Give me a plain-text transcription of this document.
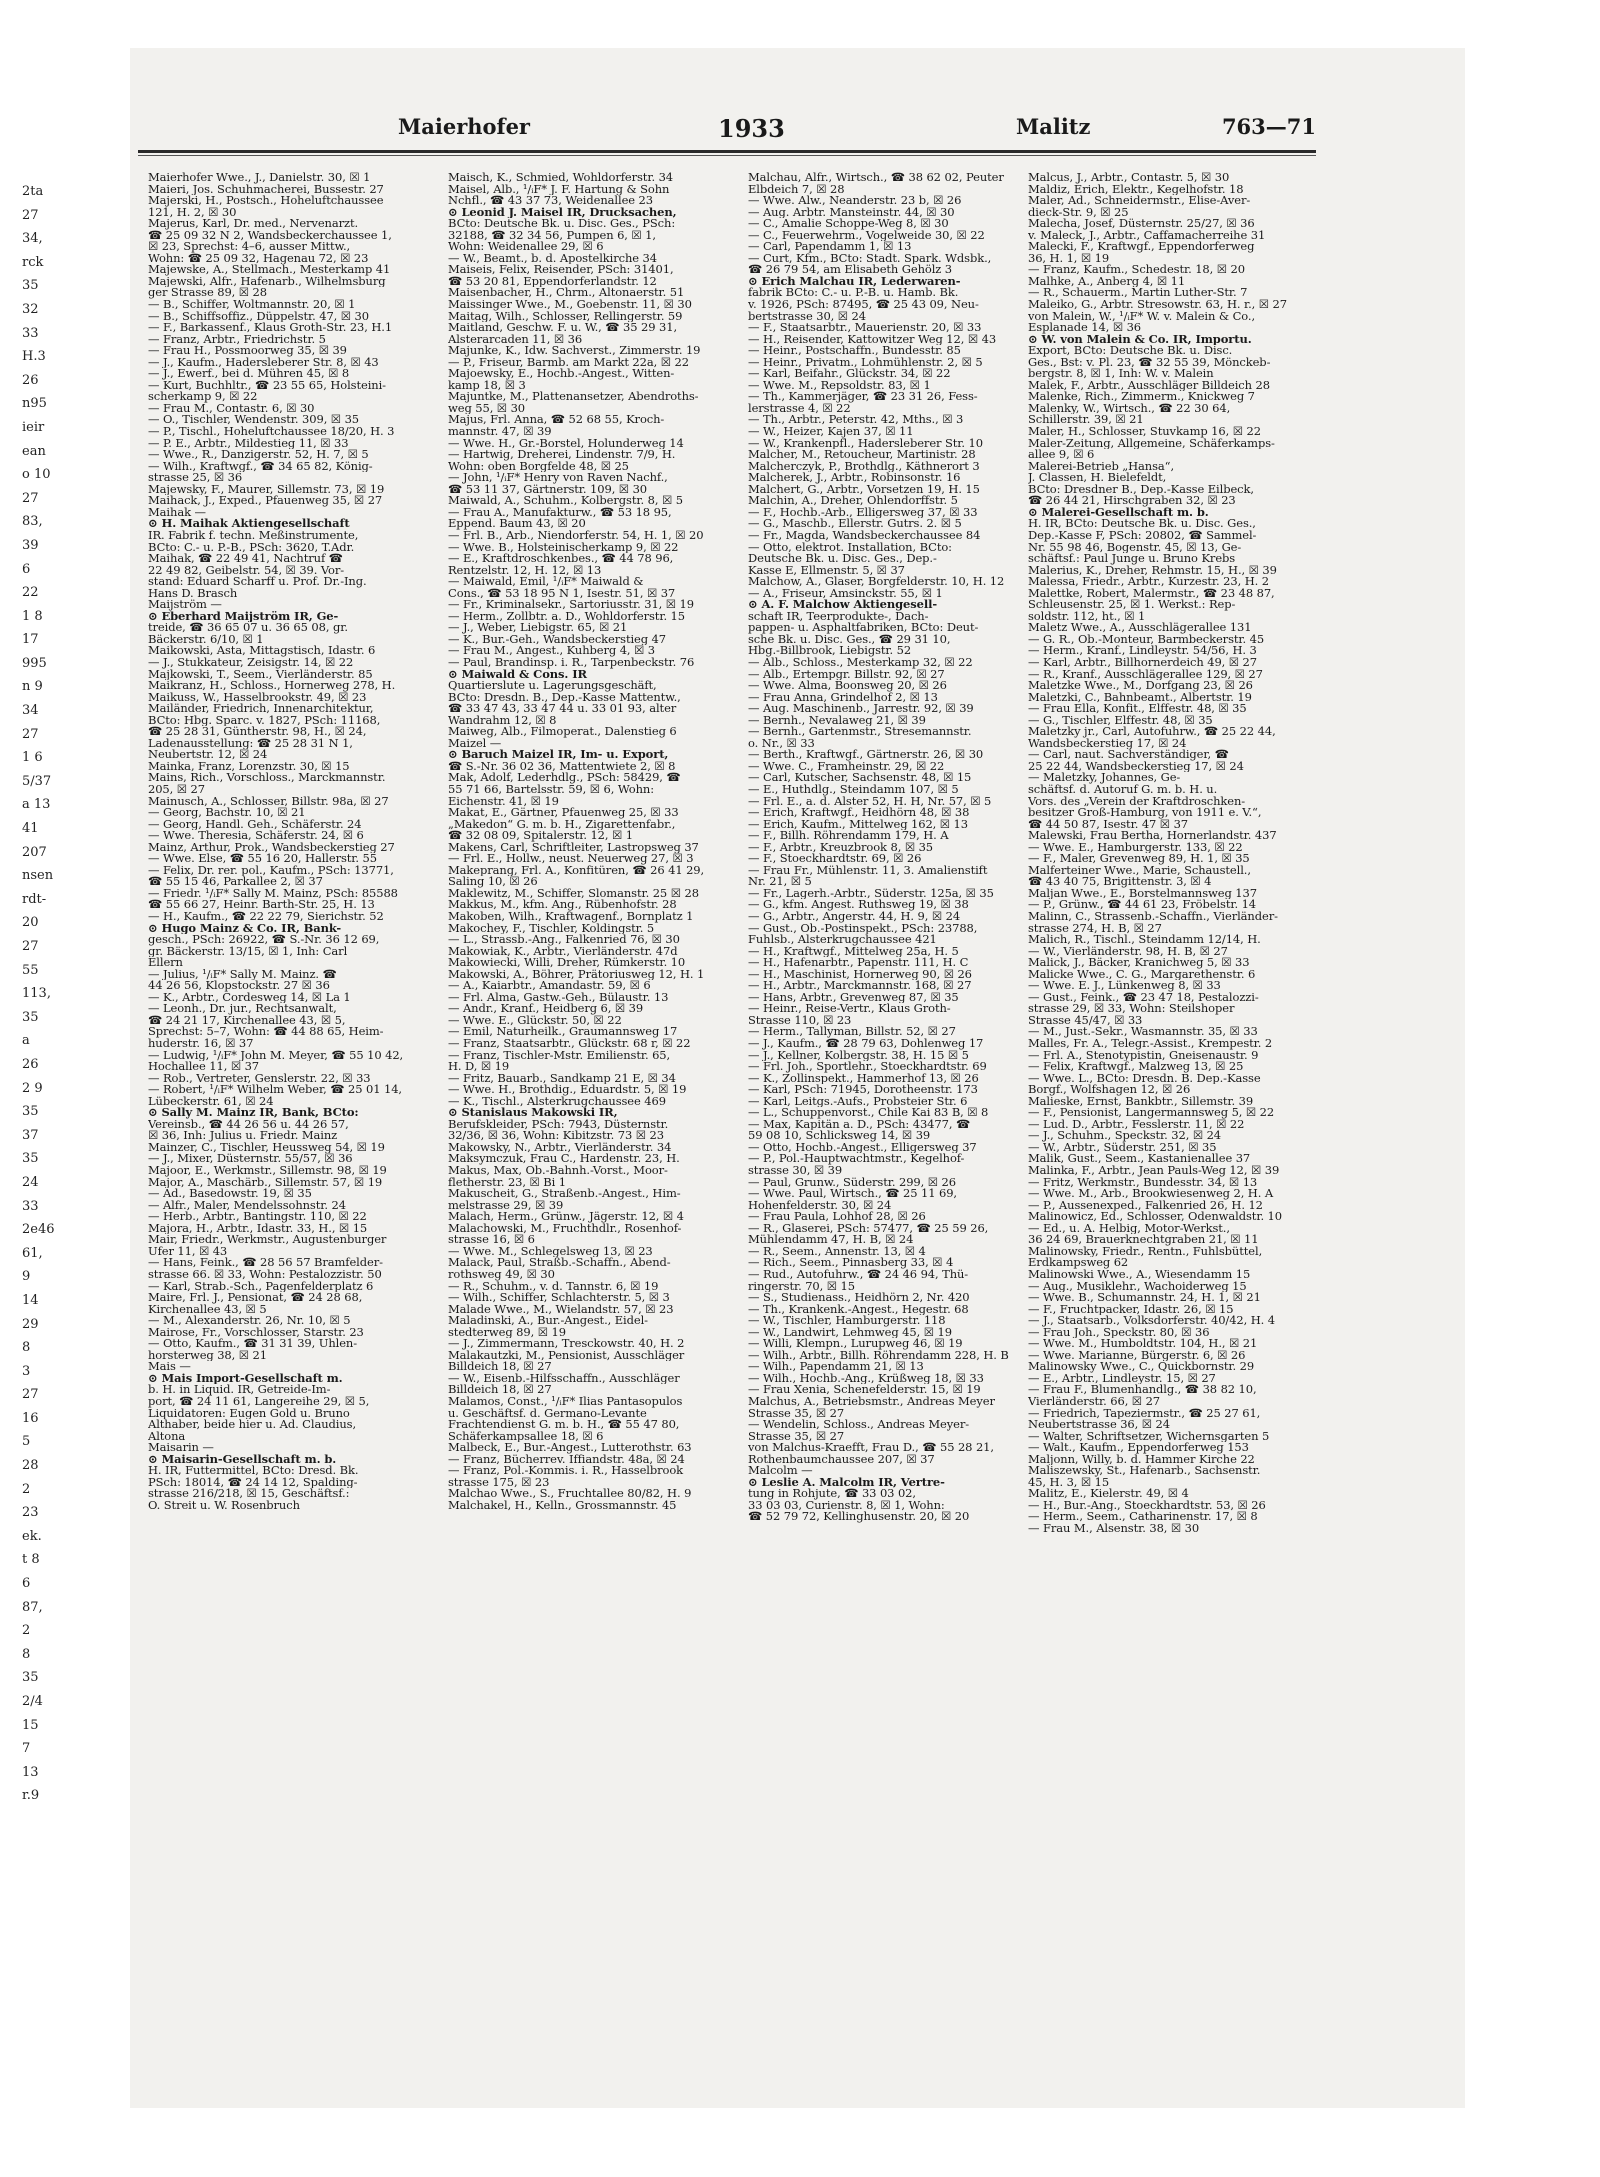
2ta
27
34,
rck
35
32
33
H.3
26
n95
ieir
ean
o 10
27
83,
39
6
22
1 8
17
995
n 9
34
27
1 6
5/37
a 13
41
207
nsen
rdt-
20
27
55
113,
35
a
26
2 9
35
37
35
24
33
2e46
61,
9
14
29
8
3
27
16
5
28
2
23
ek.
t 8
6
87,
2
8
35
2/4
15
7
13
r.9
Maierhofer	1933	Malitz	763—71
Maierhofer Wwe., J., Danielstr. 30, ☒ 1
Maieri, Jos. Schuhmacherei, Bussestr. 27
Majerski, H., Postsch., Hoheluftchaussee
121, H. 2, ☒ 30
Majerus, Karl, Dr. med., Nervenarzt.
☎ 25 09 32 N 2, Wandsbeckerchaussee 1,
☒ 23, Sprechst: 4–6, ausser Mittw.,
Wohn: ☎ 25 09 32, Hagenau 72, ☒ 23
Majewske, A., Stellmach., Mesterkamp 41
Majewski, Alfr., Hafenarb., Wilhelmsburg
ger Strasse 89, ☒ 28
— B., Schiffer, Woltmannstr. 20, ☒ 1
— B., Schiffsoffiz., Düppelstr. 47, ☒ 30
— F., Barkassenf., Klaus Groth-Str. 23, H.1
— Franz, Arbtr., Friedrichstr. 5
— Frau H., Possmoorweg 35, ☒ 39
— J., Kaufm., Hadersleberer Str. 8, ☒ 43
— J., Ewerf., bei d. Mühren 45, ☒ 8
— Kurt, Buchhltr., ☎ 23 55 65, Holsteini-
scherkamp 9, ☒ 22
— Frau M., Contastr. 6, ☒ 30
— O., Tischler, Wendenstr. 309, ☒ 35
— P., Tischl., Hoheluftchaussee 18/20, H. 3
— P. E., Arbtr., Mildestieg 11, ☒ 33
— Wwe., R., Danzigerstr. 52, H. 7, ☒ 5
— Wilh., Kraftwgf., ☎ 34 65 82, König-
strasse 25, ☒ 36
Majewsky, F., Maurer, Sillemstr. 73, ☒ 19
Maihack, J., Exped., Pfauenweg 35, ☒ 27
Maihak —
⊙ H. Maihak Aktiengesellschaft
IR. Fabrik f. techn. Meßinstrumente,
BCto: C.- u. P.-B., PSch: 3620, T.Adr.
Maihak, ☎ 22 49 41, Nachtruf ☎
22 49 82, Geibelstr. 54, ☒ 39. Vor-
stand: Eduard Scharff u. Prof. Dr.-Ing.
Hans D. Brasch
Maijström —
⊙ Eberhard Maijström IR, Ge-
treide, ☎ 36 65 07 u. 36 65 08, gr.
Bäckerstr. 6/10, ☒ 1
Maikowski, Asta, Mittagstisch, Idastr. 6
— J., Stukkateur, Zeisigstr. 14, ☒ 22
Majkowski, T., Seem., Vierländerstr. 85
Maikranz, H., Schloss., Hornerweg 278, H.
Maikuss, W., Hasselbrookstr. 49, ☒ 23
Mailänder, Friedrich, Innenarchitektur,
BCto: Hbg. Sparc. v. 1827, PSch: 11168,
☎ 25 28 31, Güntherstr. 98, H., ☒ 24,
Ladenausstellung: ☎ 25 28 31 N 1,
Neubertstr. 12, ☒ 24
Mainka, Franz, Lorenzstr. 30, ☒ 15
Mains, Rich., Vorschloss., Marckmannstr.
205, ☒ 27
Mainusch, A., Schlosser, Billstr. 98a, ☒ 27
— Georg, Bachstr. 10, ☒ 21
— Georg, Handl. Geh., Schäferstr. 24
— Wwe. Theresia, Schäferstr. 24, ☒ 6
Mainz, Arthur, Prok., Wandsbeckerstieg 27
— Wwe. Else, ☎ 55 16 20, Hallerstr. 55
— Felix, Dr. rer. pol., Kaufm., PSch: 13771,
☎ 55 15 46, Parkallee 2, ☒ 37
— Friedr. ¹/ᵢF* Sally M. Mainz, PSch: 85588
☎ 55 66 27, Heinr. Barth-Str. 25, H. 13
— H., Kaufm., ☎ 22 22 79, Sierichstr. 52
⊙ Hugo Mainz & Co. IR, Bank-
gesch., PSch: 26922, ☎ S.-Nr. 36 12 69,
gr. Bäckerstr. 13/15, ☒ 1, Inh: Carl
Ellern
— Julius, ¹/ᵢF* Sally M. Mainz. ☎
44 26 56, Klopstockstr. 27 ☒ 36
— K., Arbtr., Cordesweg 14, ☒ La 1
— Leonh., Dr. jur., Rechtsanwalt,
☎ 24 21 17, Kirchenallee 43, ☒ 5,
Sprechst: 5–7, Wohn: ☎ 44 88 65, Heim-
huderstr. 16, ☒ 37
— Ludwig, ¹/ᵢF* John M. Meyer, ☎ 55 10 42,
Hochallee 11, ☒ 37
— Rob., Vertreter, Genslerstr. 22, ☒ 33
— Robert, ¹/ᵢF* Wilhelm Weber, ☎ 25 01 14,
Lübeckerstr. 61, ☒ 24
⊙ Sally M. Mainz IR, Bank, BCto:
Vereinsb., ☎ 44 26 56 u. 44 26 57,
☒ 36, Inh: Julius u. Friedr. Mainz
Mainzer, C., Tischler, Heussweg 54, ☒ 19
— J., Mixer, Düsternstr. 55/57, ☒ 36
Majoor, E., Werkmstr., Sillemstr. 98, ☒ 19
Major, A., Maschärb., Sillemstr. 57, ☒ 19
— Ad., Basedowstr. 19, ☒ 35
— Alfr., Maler, Mendelssohnstr. 24
— Herb., Arbtr., Bantingstr. 110, ☒ 22
Majora, H., Arbtr., Idastr. 33, H., ☒ 15
Mair, Friedr., Werkmstr., Augustenburger
Ufer 11, ☒ 43
— Hans, Feink., ☎ 28 56 57 Bramfelder-
strasse 66. ☒ 33, Wohn: Pestalozzistr. 50
— Karl, Strab.-Sch., Pagenfelderplatz 6
Maire, Frl. J., Pensionat, ☎ 24 28 68,
Kirchenallee 43, ☒ 5
— M., Alexanderstr. 26, Nr. 10, ☒ 5
Mairose, Fr., Vorschlosser, Starstr. 23
— Otto, Kaufm., ☎ 31 31 39, Uhlen-
horsterweg 38, ☒ 21
Mais —
⊙ Mais Import-Gesellschaft m.
b. H. in Liquid. IR, Getreide-Im-
port, ☎ 24 11 61, Langereihe 29, ☒ 5,
Liquidatoren: Eugen Gold u. Bruno
Althaber, beide hier u. Ad. Claudius,
Altona
Maisarin —
⊙ Maisarin-Gesellschaft m. b.
H. IR, Futtermittel, BCto: Dresd. Bk.
PSch: 18014, ☎ 24 14 12, Spalding-
strasse 216/218, ☒ 15, Geschäftsf.:
O. Streit u. W. Rosenbruch
Maisch, K., Schmied, Wohldorferstr. 34
Maisel, Alb., ¹/ᵢF* J. F. Hartung & Sohn
Nchfl., ☎ 43 37 73, Weidenallee 23
⊙ Leonid J. Maisel IR, Drucksachen,
BCto: Deutsche Bk. u. Disc. Ges., PSch:
32188, ☎ 32 34 56, Pumpen 6, ☒ 1,
Wohn: Weidenallee 29, ☒ 6
— W., Beamt., b. d. Apostelkirche 34
Maiseis, Felix, Reisender, PSch: 31401,
☎ 53 20 81, Eppendorferlandstr. 12
Maisenbacher, H., Chrm., Altonaerstr. 51
Maissinger Wwe., M., Goebenstr. 11, ☒ 30
Maitag, Wilh., Schlosser, Rellingerstr. 59
Maitland, Geschw. F. u. W., ☎ 35 29 31,
Alsterarcaden 11, ☒ 36
Majunke, K., Idw. Sachverst., Zimmerstr. 19
— P., Friseur, Barmb. am Markt 22a, ☒ 22
Majoewsky, E., Hochb.-Angest., Witten-
kamp 18, ☒ 3
Majuntke, M., Plattenansetzer, Abendroths-
weg 55, ☒ 30
Majus, Frl. Anna, ☎ 52 68 55, Kroch-
mannstr. 47, ☒ 39
— Wwe. H., Gr.-Borstel, Holunderweg 14
— Hartwig, Dreherei, Lindenstr. 7/9, H.
Wohn: oben Borgfelde 48, ☒ 25
— John, ¹/ᵢF* Henry von Raven Nachf.,
☎ 53 11 37, Gärtnerstr. 109, ☒ 30
Maiwald, A., Schuhm., Kolbergstr. 8, ☒ 5
— Frau A., Manufakturw., ☎ 53 18 95,
Eppend. Baum 43, ☒ 20
— Frl. B., Arb., Niendorferstr. 54, H. 1, ☒ 20
— Wwe. B., Holsteinischerkamp 9, ☒ 22
— E., Kraftdroschkenbes., ☎ 44 78 96,
Rentzelstr. 12, H. 12, ☒ 13
— Maiwald, Emil, ¹/ᵢF* Maiwald &
Cons., ☎ 53 18 95 N 1, Isestr. 51, ☒ 37
— Fr., Kriminalsekr., Sartoriusstr. 31, ☒ 19
— Herm., Zollbtr. a. D., Wohldorferstr. 15
— J., Weber, Liebigstr. 65, ☒ 21
— K., Bur.-Geh., Wandsbeckerstieg 47
— Frau M., Angest., Kuhberg 4, ☒ 3
— Paul, Brandinsp. i. R., Tarpenbeckstr. 76
⊙ Maiwald & Cons. IR
Quartierslute u. Lagerungsgeschäft,
BCto: Dresdn. B., Dep.-Kasse Mattentw.,
☎ 33 47 43, 33 47 44 u. 33 01 93, alter
Wandrahm 12, ☒ 8
Maiweg, Alb., Filmoperat., Dalenstieg 6
Maizel —
⊙ Baruch Maizel IR, Im- u. Export,
☎ S.-Nr. 36 02 36, Mattentwiete 2, ☒ 8
Mak, Adolf, Lederhdlg., PSch: 58429, ☎
55 71 66, Bartelsstr. 59, ☒ 6, Wohn:
Eichenstr. 41, ☒ 19
Makat, E., Gärtner, Pfauenweg 25, ☒ 33
„Makedon“ G. m. b. H., Zigarettenfabr.,
☎ 32 08 09, Spitalerstr. 12, ☒ 1
Makens, Carl, Schriftleiter, Lastropsweg 37
— Frl. E., Hollw., neust. Neuerweg 27, ☒ 3
Makeprang, Frl. A., Konfitüren, ☎ 26 41 29,
Saling 10, ☒ 26
Maklewitz, M., Schiffer, Slomanstr. 25 ☒ 28
Makkus, M., kfm. Ang., Rübenhofstr. 28
Makoben, Wilh., Kraftwagenf., Bornplatz 1
Makochey, F., Tischler, Koldingstr. 5
— L., Strassb.-Ang., Falkenried 76, ☒ 30
Makowiak, K., Arbtr., Vierländerstr. 47d
Makowiecki, Willi, Dreher, Rümkerstr. 10
Makowski, A., Böhrer, Prätoriusweg 12, H. 1
— A., Kaiarbtr., Amandastr. 59, ☒ 6
— Frl. Alma, Gastw.-Geh., Bülaustr. 13
— Andr., Kranf., Heidberg 6, ☒ 39
— Wwe. E., Glückstr. 50, ☒ 22
— Emil, Naturheilk., Graumannsweg 17
— Franz, Staatsarbtr., Glückstr. 68 r, ☒ 22
— Franz, Tischler-Mstr. Emilienstr. 65,
H. D, ☒ 19
— Fritz, Bauarb., Sandkamp 21 E, ☒ 34
— Wwe. H., Brothdig., Eduardstr. 5, ☒ 19
— K., Tischl., Alsterkrugchaussee 469
⊙ Stanislaus Makowski IR,
Berufskleider, PSch: 7943, Düsternstr.
32/36, ☒ 36, Wohn: Kibitzstr. 73 ☒ 23
Makowsky, N., Arbtr., Vierländerstr. 34
Maksymczuk, Frau C., Hardenstr. 23, H.
Makus, Max, Ob.-Bahnh.-Vorst., Moor-
fletherstr. 23, ☒ Bi 1
Makuscheit, G., Straßenb.-Angest., Him-
melstrasse 29, ☒ 39
Malach, Herm., Grünw., Jägerstr. 12, ☒ 4
Malachowski, M., Fruchthdlr., Rosenhof-
strasse 16, ☒ 6
— Wwe. M., Schlegelsweg 13, ☒ 23
Malack, Paul, Straßb.-Schaffn., Abend-
rothsweg 49, ☒ 30
— R., Schuhm., v. d. Tannstr. 6, ☒ 19
— Wilh., Schiffer, Schlachterstr. 5, ☒ 3
Malade Wwe., M., Wielandstr. 57, ☒ 23
Maladinski, A., Bur.-Angest., Eidel-
stedterweg 89, ☒ 19
— J., Zimmermann, Tresckowstr. 40, H. 2
Malakautzki, M., Pensionist, Ausschläger
Billdeich 18, ☒ 27
— W., Eisenb.-Hilfsschaffn., Ausschläger
Billdeich 18, ☒ 27
Malamos, Const., ¹/ᵢF* Ilias Pantasopulos
u. Geschäftsf. d. Germano-Levante
Frachtendienst G. m. b. H., ☎ 55 47 80,
Schäferkampsallee 18, ☒ 6
Malbeck, E., Bur.-Angest., Lutterothstr. 63
— Franz, Bücherrev. Iffiandstr. 48a, ☒ 24
— Franz, Pol.-Kommis. i. R., Hasselbrook
strasse 175, ☒ 23
Malchao Wwe., S., Fruchtallee 80/82, H. 9
Malchakel, H., Kelln., Grossmannstr. 45
Malchau, Alfr., Wirtsch., ☎ 38 62 02, Peuter
Elbdeich 7, ☒ 28
— Wwe. Alw., Neanderstr. 23 b, ☒ 26
— Aug. Arbtr. Mansteinstr. 44, ☒ 30
— C., Amalie Schoppe-Weg 8, ☒ 30
— C., Feuerwehrm., Vogelweide 30, ☒ 22
— Carl, Papendamm 1, ☒ 13
— Curt, Kfm., BCto: Stadt. Spark. Wdsbk.,
☎ 26 79 54, am Elisabeth Gehölz 3
⊙ Erich Malchau IR, Lederwaren-
fabrik BCto: C.- u. P.-B. u. Hamb. Bk.
v. 1926, PSch: 87495, ☎ 25 43 09, Neu-
bertstrasse 30, ☒ 24
— F., Staatsarbtr., Mauerienstr. 20, ☒ 33
— H., Reisender, Kattowitzer Weg 12, ☒ 43
— Heinr., Postschaffn., Bundesstr. 85
— Heinr., Privatm., Lohmühlenstr. 2, ☒ 5
— Karl, Beifahr., Glückstr. 34, ☒ 22
— Wwe. M., Repsoldstr. 83, ☒ 1
— Th., Kammerjäger, ☎ 23 31 26, Fess-
lerstrasse 4, ☒ 22
— Th., Arbtr., Peterstr. 42, Mths., ☒ 3
— W., Heizer, Kajen 37, ☒ 11
— W., Krankenpfl., Hadersleberer Str. 10
Malcher, M., Retoucheur, Martinistr. 28
Malcherczyk, P., Brothdlg., Käthnerort 3
Malcherek, J., Arbtr., Robinsonstr. 16
Malchert, G., Arbtr., Vorsetzen 19, H. 15
Malchin, A., Dreher, Ohlendorffstr. 5
— F., Hochb.-Arb., Elligersweg 37, ☒ 33
— G., Maschb., Ellerstr. Gutrs. 2. ☒ 5
— Fr., Magda, Wandsbeckerchaussee 84
— Otto, elektrot. Installation, BCto:
Deutsche Bk. u. Disc. Ges., Dep.-
Kasse E, Ellmenstr. 5, ☒ 37
Malchow, A., Glaser, Borgfelderstr. 10, H. 12
— A., Friseur, Amsinckstr. 55, ☒ 1
⊙ A. F. Malchow Aktiengesell-
schaft IR, Teerprodukte-, Dach-
pappen- u. Asphaltfabriken, BCto: Deut-
sche Bk. u. Disc. Ges., ☎ 29 31 10,
Hbg.-Billbrook, Liebigstr. 52
— Alb., Schloss., Mesterkamp 32, ☒ 22
— Alb., Ertempgr. Billstr. 92, ☒ 27
— Wwe. Alma, Boonsweg 20, ☒ 26
— Frau Anna, Grindelhof 2, ☒ 13
— Aug. Maschinenb., Jarrestr. 92, ☒ 39
— Bernh., Nevalaweg 21, ☒ 39
— Bernh., Gartenmstr., Stresemannstr.
o. Nr., ☒ 33
— Berth., Kraftwgf., Gärtnerstr. 26, ☒ 30
— Wwe. C., Framheinstr. 29, ☒ 22
— Carl, Kutscher, Sachsenstr. 48, ☒ 15
— E., Huthdlg., Steindamm 107, ☒ 5
— Frl. E., a. d. Alster 52, H. H, Nr. 57, ☒ 5
— Erich, Kraftwgf., Heidhörn 48, ☒ 38
— Erich, Kaufm., Mittelweg 162, ☒ 13
— F., Billh. Röhrendamm 179, H. A
— F., Arbtr., Kreuzbrook 8, ☒ 35
— F., Stoeckhardtstr. 69, ☒ 26
— Frau Fr., Mühlenstr. 11, 3. Amalienstift
Nr. 21, ☒ 5
— Fr., Lagerh.-Arbtr., Süderstr. 125a, ☒ 35
— G., kfm. Angest. Ruthsweg 19, ☒ 38
— G., Arbtr., Angerstr. 44, H. 9, ☒ 24
— Gust., Ob.-Postinspekt., PSch: 23788,
Fuhlsb., Alsterkrugchaussee 421
— H., Kraftwgf., Mittelweg 25a, H. 5
— H., Hafenarbtr., Papenstr. 111, H. C
— H., Maschinist, Hornerweg 90, ☒ 26
— H., Arbtr., Marckmannstr. 168, ☒ 27
— Hans, Arbtr., Grevenweg 87, ☒ 35
— Heinr., Reise-Vertr., Klaus Groth-
Strasse 110, ☒ 23
— Herm., Tallyman, Billstr. 52, ☒ 27
— J., Kaufm., ☎ 28 79 63, Dohlenweg 17
— J., Kellner, Kolbergstr. 38, H. 15 ☒ 5
— Frl. Joh., Sportlehr., Stoeckhardtstr. 69
— K., Zollinspekt., Hammerhof 13, ☒ 26
— Karl, PSch: 71945, Dorotheenstr. 173
— Karl, Leitgs.-Aufs., Probsteier Str. 6
— L., Schuppenvorst., Chile Kai 83 B, ☒ 8
— Max, Kapitän a. D., PSch: 43477, ☎
59 08 10, Schlicksweg 14, ☒ 39
— Otto, Hochb.-Angest., Elligersweg 37
— P., Pol.-Hauptwachtmstr., Kegelhof-
strasse 30, ☒ 39
— Paul, Grunw., Süderstr. 299, ☒ 26
— Wwe. Paul, Wirtsch., ☎ 25 11 69,
Hohenfelderstr. 30, ☒ 24
— Frau Paula, Lohhof 28, ☒ 26
— R., Glaserei, PSch: 57477, ☎ 25 59 26,
Mühlendamm 47, H. B, ☒ 24
— R., Seem., Annenstr. 13, ☒ 4
— Rich., Seem., Pinnasberg 33, ☒ 4
— Rud., Autofuhrw., ☎ 24 46 94, Thü-
ringerstr. 70, ☒ 15
— S., Studienass., Heidhörn 2, Nr. 420
— Th., Krankenk.-Angest., Hegestr. 68
— W., Tischler, Hamburgerstr. 118
— W., Landwirt, Lehmweg 45, ☒ 19
— Willi, Klempn., Lurupweg 46, ☒ 19
— Wilh., Arbtr., Billh. Röhrendamm 228, H. B
— Wilh., Papendamm 21, ☒ 13
— Wilh., Hochb.-Ang., Krüßweg 18, ☒ 33
— Frau Xenia, Schenefelderstr. 15, ☒ 19
Malchus, A., Betriebsmstr., Andreas Meyer
Strasse 35, ☒ 27
— Wendelin, Schloss., Andreas Meyer-
Strasse 35, ☒ 27
von Malchus-Kraefft, Frau D., ☎ 55 28 21,
Rothenbaumchaussee 207, ☒ 37
Malcolm —
⊙ Leslie A. Malcolm IR, Vertre-
tung in Rohjute, ☎ 33 03 02,
33 03 03, Curienstr. 8, ☒ 1, Wohn:
☎ 52 79 72, Kellinghusenstr. 20, ☒ 20
Malcus, J., Arbtr., Contastr. 5, ☒ 30
Maldiz, Erich, Elektr., Kegelhofstr. 18
Maler, Ad., Schneidermstr., Elise-Aver-
dieck-Str. 9, ☒ 25
Malecha, Josef, Düsternstr. 25/27, ☒ 36
v. Maleck, J., Arbtr., Caffamacherreihe 31
Malecki, F., Kraftwgf., Eppendorferweg
36, H. 1, ☒ 19
— Franz, Kaufm., Schedestr. 18, ☒ 20
Malhke, A., Anberg 4, ☒ 11
— R., Schauerm., Martin Luther-Str. 7
Maleiko, G., Arbtr. Stresowstr. 63, H. r., ☒ 27
von Malein, W., ¹/ᵢF* W. v. Malein & Co.,
Esplanade 14, ☒ 36
⊙ W. von Malein & Co. IR, Importu.
Export, BCto: Deutsche Bk. u. Disc.
Ges., Bst: v. Pl. 23, ☎ 32 55 39, Mönckeb-
bergstr. 8, ☒ 1, Inh: W. v. Malein
Malek, F., Arbtr., Ausschläger Billdeich 28
Malenke, Rich., Zimmerm., Knickweg 7
Malenky, W., Wirtsch., ☎ 22 30 64,
Schillerstr. 39, ☒ 21
Maler, H., Schlosser, Stuvkamp 16, ☒ 22
Maler-Zeitung, Allgemeine, Schäferkamps-
allee 9, ☒ 6
Malerei-Betrieb „Hansa“,
J. Classen, H. Bielefeldt,
BCto: Dresdner B., Dep.-Kasse Eilbeck,
☎ 26 44 21, Hirschgraben 32, ☒ 23
⊙ Malerei-Gesellschaft m. b.
H. IR, BCto: Deutsche Bk. u. Disc. Ges.,
Dep.-Kasse F, PSch: 20802, ☎ Sammel-
Nr. 55 98 46, Bogenstr. 45, ☒ 13, Ge-
schäftsf.: Paul Junge u. Bruno Krebs
Malerius, K., Dreher, Rehmstr. 15, H., ☒ 39
Malessa, Friedr., Arbtr., Kurzestr. 23, H. 2
Malettke, Robert, Malermstr., ☎ 23 48 87,
Schleusenstr. 25, ☒ 1. Werkst.: Rep-
soldstr. 112, ht., ☒ 1
Maletz Wwe., A., Ausschlägerallee 131
— G. R., Ob.-Monteur, Barmbeckerstr. 45
— Herm., Kranf., Lindleystr. 54/56, H. 3
— Karl, Arbtr., Billhornerdeich 49, ☒ 27
— R., Kranf., Ausschlägerallee 129, ☒ 27
Maletzke Wwe., M., Dorfgang 23, ☒ 26
Maletzki, C., Bahnbeamt., Albertstr. 19
— Frau Ella, Konfit., Elffestr. 48, ☒ 35
— G., Tischler, Elffestr. 48, ☒ 35
Maletzky jr., Carl, Autofuhrw., ☎ 25 22 44,
Wandsbeckerstieg 17, ☒ 24
— Carl, naut. Sachverständiger, ☎
25 22 44, Wandsbeckerstieg 17, ☒ 24
— Maletzky, Johannes, Ge-
schäftsf. d. Autoruf G. m. b. H. u.
Vors. des „Verein der Kraftdroschken-
besitzer Groß-Hamburg, von 1911 e. V.“,
☎ 44 50 87, Isestr. 47 ☒ 37
Malewski, Frau Bertha, Hornerlandstr. 437
— Wwe. E., Hamburgerstr. 133, ☒ 22
— F., Maler, Grevenweg 89, H. 1, ☒ 35
Malferteiner Wwe., Marie, Schaustell.,
☎ 43 40 75, Brigittenstr. 3, ☒ 4
Maljan Wwe., E., Borstelmannsweg 137
— P., Grünw., ☎ 44 61 23, Fröbelstr. 14
Malinn, C., Strassenb.-Schaffn., Vierländer-
strasse 274, H. B, ☒ 27
Malich, R., Tischl., Steindamm 12/14, H.
— W., Vierländerstr. 98, H. B, ☒ 27
Malick, J., Bäcker, Kranichweg 5, ☒ 33
Malicke Wwe., C. G., Margarethenstr. 6
— Wwe. E. J., Lünkenweg 8, ☒ 33
— Gust., Feink., ☎ 23 47 18, Pestalozzi-
strasse 29, ☒ 33, Wohn: Steilshoper
Strasse 45/47, ☒ 33
— M., Just.-Sekr., Wasmannstr. 35, ☒ 33
Malles, Fr. A., Telegr.-Assist., Krempestr. 2
— Frl. A., Stenotypistin, Gneisenaustr. 9
— Felix, Kraftwgf., Malzweg 13, ☒ 25
— Wwe. L., BCto: Dresdn. B. Dep.-Kasse
Borgf., Wolfshagen 12, ☒ 26
Malieske, Ernst, Bankbtr., Sillemstr. 39
— F., Pensionist, Langermannsweg 5, ☒ 22
— Lud. D., Arbtr., Fesslerstr. 11, ☒ 22
— J., Schuhm., Speckstr. 32, ☒ 24
— W., Arbtr., Süderstr. 251, ☒ 35
Malik, Gust., Seem., Kastanienallee 37
Malinka, F., Arbtr., Jean Pauls-Weg 12, ☒ 39
— Fritz, Werkmstr., Bundesstr. 34, ☒ 13
— Wwe. M., Arb., Brookwiesenweg 2, H. A
— P., Aussenexped., Falkenried 26, H. 12
Malinowicz, Ed., Schlosser, Odenwaldstr. 10
— Ed., u. A. Helbig, Motor-Werkst.,
36 24 69, Brauerknechtgraben 21, ☒ 11
Malinowsky, Friedr., Rentn., Fuhlsbüttel,
Erdkampsweg 62
Malinowski Wwe., A., Wiesendamm 15
— Aug., Musiklehr., Wachoiderweg 15
— Wwe. B., Schumannstr. 24, H. 1, ☒ 21
— F., Fruchtpacker, Idastr. 26, ☒ 15
— J., Staatsarb., Volksdorferstr. 40/42, H. 4
— Frau Joh., Speckstr. 80, ☒ 36
— Wwe. M., Humboldtstr. 104, H., ☒ 21
— Wwe. Marianne, Bürgerstr. 6, ☒ 26
Malinowsky Wwe., C., Quickbornstr. 29
— E., Arbtr., Lindleystr. 15, ☒ 27
— Frau F., Blumenhandlg., ☎ 38 82 10,
Vierländerstr. 66, ☒ 27
— Friedrich, Tapeziermstr., ☎ 25 27 61,
Neubertstrasse 36, ☒ 24
— Walter, Schriftsetzer, Wichernsgarten 5
— Walt., Kaufm., Eppendorferweg 153
Maljonn, Willy, b. d. Hammer Kirche 22
Maliszewsky, St., Hafenarb., Sachsenstr.
45, H. 3, ☒ 15
Malitz, E., Kielerstr. 49, ☒ 4
— H., Bur.-Ang., Stoeckhardtstr. 53, ☒ 26
— Herm., Seem., Catharinenstr. 17, ☒ 8
— Frau M., Alsenstr. 38, ☒ 30
